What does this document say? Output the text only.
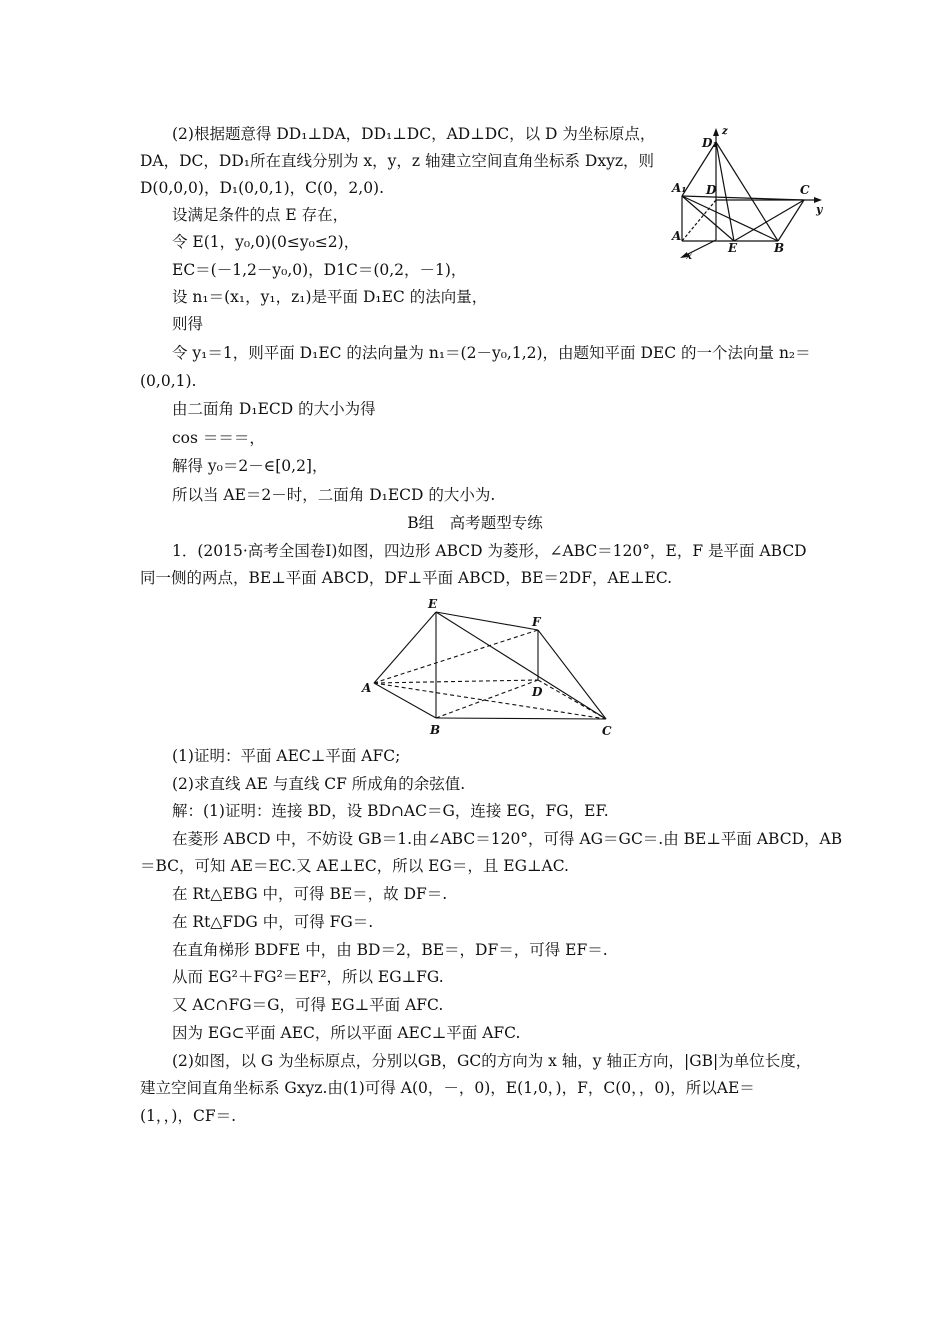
(2)根据题意得 DD₁⊥DA，DD₁⊥DC，AD⊥DC，以 D 为坐标原点，
DA，DC，DD₁所在直线分别为 x，y，z 轴建立空间直角坐标系 Dxyz，则
D(0,0,0)，D₁(0,0,1)，C(0，2,0).
设满足条件的点 E 存在，
令 E(1，y₀,0)(0≤y₀≤2)，
EC＝(－1,2－y₀,0)，D1C＝(0,2，－1)，
设 n₁＝(x₁，y₁，z₁)是平面 D₁EC 的法向量，
则得
令 y₁＝1，则平面 D₁EC 的法向量为 n₁＝(2－y₀,1,2)，由题知平面 DEC 的一个法向量 n₂＝
(0,0,1).
由二面角 D₁ECD 的大小为得
cos ＝＝＝，
解得 y₀＝2－∈[0,2]，
所以当 AE＝2－时，二面角 D₁ECD 的大小为.
z
D₁
A₁ D	C
y
A
E	B
x
B组　高考题型专练
1．(2015·高考全国卷Ⅰ)如图，四边形 ABCD 为菱形，∠ABC＝120°，E，F 是平面 ABCD
同一侧的两点，BE⊥平面 ABCD，DF⊥平面 ABCD，BE＝2DF，AE⊥EC.
E
F
A	D
B	C
(1)证明：平面 AEC⊥平面 AFC;
(2)求直线 AE 与直线 CF 所成角的余弦值.
解：(1)证明：连接 BD，设 BD∩AC＝G，连接 EG，FG，EF.
在菱形 ABCD 中，不妨设 GB＝1.由∠ABC＝120°，可得 AG＝GC＝.由 BE⊥平面 ABCD，AB
＝BC，可知 AE＝EC.又 AE⊥EC，所以 EG＝，且 EG⊥AC.
在 Rt△EBG 中，可得 BE＝，故 DF＝.
在 Rt△FDG 中，可得 FG＝.
在直角梯形 BDFE 中，由 BD＝2，BE＝，DF＝，可得 EF＝.
从而 EG²＋FG²＝EF²，所以 EG⊥FG.
又 AC∩FG＝G，可得 EG⊥平面 AFC.
因为 EG⊂平面 AEC，所以平面 AEC⊥平面 AFC.
(2)如图，以 G 为坐标原点，分别以GB，GC的方向为 x 轴，y 轴正方向，|GB|为单位长度，
建立空间直角坐标系 Gxyz.由(1)可得 A(0，－，0)，E(1,0，)，F，C(0，，0)，所以AE＝
(1，，)，CF＝.
